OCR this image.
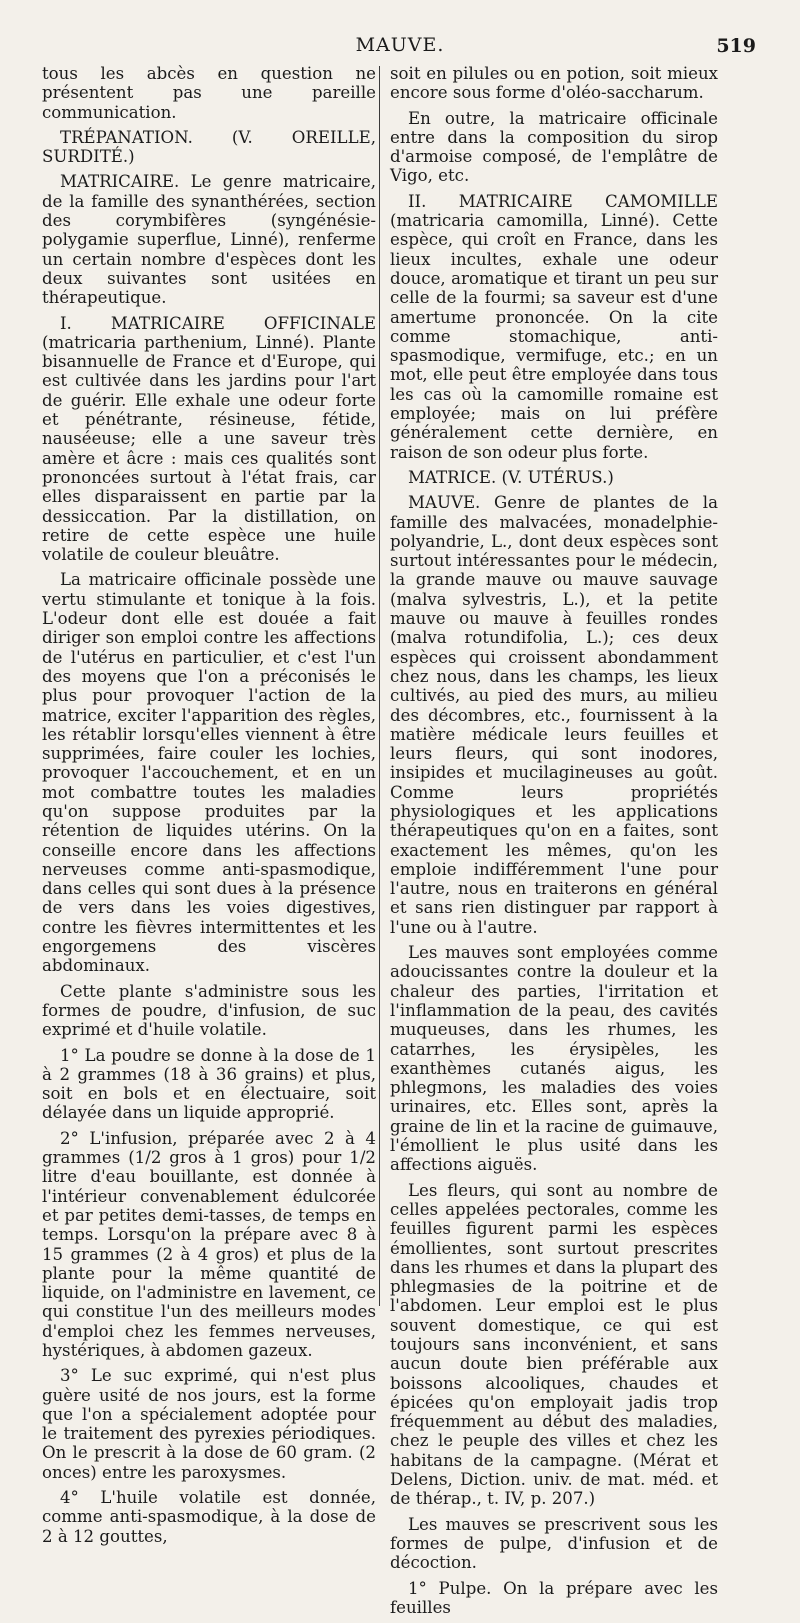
MAUVE.	519

tous les abcès en question ne présentent pas une pareille communication.

TRÉPANATION. (V. OREILLE, SURDITÉ.)

MATRICAIRE. Le genre matricaire, de la famille des synanthérées, section des corymbifères (syngénésie-polygamie superflue, Linné), renferme un certain nombre d'espèces dont les deux suivantes sont usitées en thérapeutique.

I. MATRICAIRE OFFICINALE (matricaria parthenium, Linné). Plante bisannuelle de France et d'Europe, qui est cultivée dans les jardins pour l'art de guérir. Elle exhale une odeur forte et pénétrante, résineuse, fétide, nauséeuse; elle a une saveur très amère et âcre : mais ces qualités sont prononcées surtout à l'état frais, car elles disparaissent en partie par la dessiccation. Par la distillation, on retire de cette espèce une huile volatile de couleur bleuâtre.

La matricaire officinale possède une vertu stimulante et tonique à la fois. L'odeur dont elle est douée a fait diriger son emploi contre les affections de l'utérus en particulier, et c'est l'un des moyens que l'on a préconisés le plus pour provoquer l'action de la matrice, exciter l'apparition des règles, les rétablir lorsqu'elles viennent à être supprimées, faire couler les lochies, provoquer l'accouchement, et en un mot combattre toutes les maladies qu'on suppose produites par la rétention de liquides utérins. On la conseille encore dans les affections nerveuses comme anti-spasmodique, dans celles qui sont dues à la présence de vers dans les voies digestives, contre les fièvres intermittentes et les engorgemens des viscères abdominaux.

Cette plante s'administre sous les formes de poudre, d'infusion, de suc exprimé et d'huile volatile.

1° La poudre se donne à la dose de 1 à 2 grammes (18 à 36 grains) et plus, soit en bols et en électuaire, soit délayée dans un liquide approprié.

2° L'infusion, préparée avec 2 à 4 grammes (1/2 gros à 1 gros) pour 1/2 litre d'eau bouillante, est donnée à l'intérieur convenablement édulcorée et par petites demi-tasses, de temps en temps. Lorsqu'on la prépare avec 8 à 15 grammes (2 à 4 gros) et plus de la plante pour la même quantité de liquide, on l'administre en lavement, ce qui constitue l'un des meilleurs modes d'emploi chez les femmes nerveuses, hystériques, à abdomen gazeux.

3° Le suc exprimé, qui n'est plus guère usité de nos jours, est la forme que l'on a spécialement adoptée pour le traitement des pyrexies périodiques. On le prescrit à la dose de 60 gram. (2 onces) entre les paroxysmes.

4° L'huile volatile est donnée, comme anti-spasmodique, à la dose de 2 à 12 gouttes,

soit en pilules ou en potion, soit mieux encore sous forme d'oléo-saccharum.

En outre, la matricaire officinale entre dans la composition du sirop d'armoise composé, de l'emplâtre de Vigo, etc.

II. MATRICAIRE CAMOMILLE (matricaria camomilla, Linné). Cette espèce, qui croît en France, dans les lieux incultes, exhale une odeur douce, aromatique et tirant un peu sur celle de la fourmi; sa saveur est d'une amertume prononcée. On la cite comme stomachique, anti-spasmodique, vermifuge, etc.; en un mot, elle peut être employée dans tous les cas où la camomille romaine est employée; mais on lui préfère généralement cette dernière, en raison de son odeur plus forte.

MATRICE. (V. UTÉRUS.)

MAUVE. Genre de plantes de la famille des malvacées, monadelphie-polyandrie, L., dont deux espèces sont surtout intéressantes pour le médecin, la grande mauve ou mauve sauvage (malva sylvestris, L.), et la petite mauve ou mauve à feuilles rondes (malva rotundifolia, L.); ces deux espèces qui croissent abondamment chez nous, dans les champs, les lieux cultivés, au pied des murs, au milieu des décombres, etc., fournissent à la matière médicale leurs feuilles et leurs fleurs, qui sont inodores, insipides et mucilagineuses au goût. Comme leurs propriétés physiologiques et les applications thérapeutiques qu'on en a faites, sont exactement les mêmes, qu'on les emploie indifféremment l'une pour l'autre, nous en traiterons en général et sans rien distinguer par rapport à l'une ou à l'autre.

Les mauves sont employées comme adoucissantes contre la douleur et la chaleur des parties, l'irritation et l'inflammation de la peau, des cavités muqueuses, dans les rhumes, les catarrhes, les érysipèles, les exanthèmes cutanés aigus, les phlegmons, les maladies des voies urinaires, etc. Elles sont, après la graine de lin et la racine de guimauve, l'émollient le plus usité dans les affections aiguës.

Les fleurs, qui sont au nombre de celles appelées pectorales, comme les feuilles figurent parmi les espèces émollientes, sont surtout prescrites dans les rhumes et dans la plupart des phlegmasies de la poitrine et de l'abdomen. Leur emploi est le plus souvent domestique, ce qui est toujours sans inconvénient, et sans aucun doute bien préférable aux boissons alcooliques, chaudes et épicées qu'on employait jadis trop fréquemment au début des maladies, chez le peuple des villes et chez les habitans de la campagne. (Mérat et Delens, Diction. univ. de mat. méd. et de thérap., t. IV, p. 207.)

Les mauves se prescrivent sous les formes de pulpe, d'infusion et de décoction.

1° Pulpe. On la prépare avec les feuilles
